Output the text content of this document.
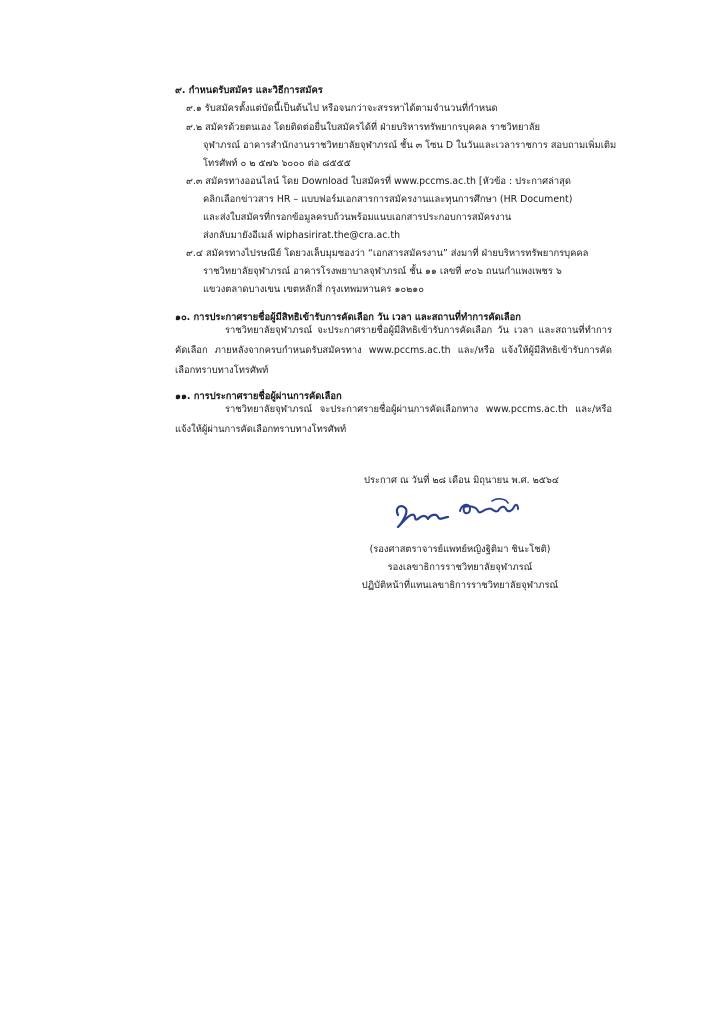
๙. กำหนดรับสมัคร และวิธีการสมัคร
๙.๑ รับสมัครตั้งแต่บัดนี้เป็นต้นไป หรือจนกว่าจะสรรหาได้ตามจำนวนที่กำหนด
๙.๒ สมัครด้วยตนเอง โดยติดต่อยื่นใบสมัครได้ที่ ฝ่ายบริหารทรัพยากรบุคคล ราชวิทยาลัย
จุฬาภรณ์ อาคารสำนักงานราชวิทยาลัยจุฬาภรณ์ ชั้น ๓ โซน D ในวันและเวลาราชการ สอบถามเพิ่มเติม
โทรศัพท์ ๐ ๒ ๕๗๖ ๖๐๐๐ ต่อ ๘๕๕๕
๙.๓ สมัครทางออนไลน์ โดย Download ใบสมัครที่ www.pccms.ac.th [หัวข้อ : ประกาศล่าสุด
คลิกเลือกข่าวสาร HR – แบบฟอร์มเอกสารการสมัครงานและทุนการศึกษา (HR Document)
และส่งใบสมัครที่กรอกข้อมูลครบถ้วนพร้อมแนบเอกสารประกอบการสมัครงาน
ส่งกลับมายังอีเมล์ wiphasirirat.the@cra.ac.th
๙.๔ สมัครทางไปรษณีย์ โดยวงเล็บมุมซองว่า “เอกสารสมัครงาน” ส่งมาที่ ฝ่ายบริหารทรัพยากรบุคคล
ราชวิทยาลัยจุฬาภรณ์ อาคารโรงพยาบาลจุฬาภรณ์ ชั้น ๑๑ เลขที่ ๙๐๖ ถนนกำแพงเพชร ๖
แขวงตลาดบางเขน เขตหลักสี่ กรุงเทพมหานคร ๑๐๒๑๐
๑๐. การประกาศรายชื่อผู้มีสิทธิเข้ารับการคัดเลือก วัน เวลา และสถานที่ทำการคัดเลือก
ราชวิทยาลัยจุฬาภรณ์ จะประกาศรายชื่อผู้มีสิทธิเข้ารับการคัดเลือก วัน เวลา และสถานที่ทำการคัดเลือก ภายหลังจากครบกำหนดรับสมัครทาง www.pccms.ac.th และ/หรือ แจ้งให้ผู้มีสิทธิเข้ารับการคัดเลือกทราบทางโทรศัพท์
๑๑. การประกาศรายชื่อผู้ผ่านการคัดเลือก
ราชวิทยาลัยจุฬาภรณ์ จะประกาศรายชื่อผู้ผ่านการคัดเลือกทาง www.pccms.ac.th และ/หรือ แจ้งให้ผู้ผ่านการคัดเลือกทราบทางโทรศัพท์
ประกาศ ณ วันที่ ๒๘ เดือน มิถุนายน พ.ศ. ๒๕๖๔
(รองศาสตราจารย์แพทย์หญิงฐิติมา ชินะโชติ)
รองเลขาธิการราชวิทยาลัยจุฬาภรณ์
ปฏิบัติหน้าที่แทนเลขาธิการราชวิทยาลัยจุฬาภรณ์
